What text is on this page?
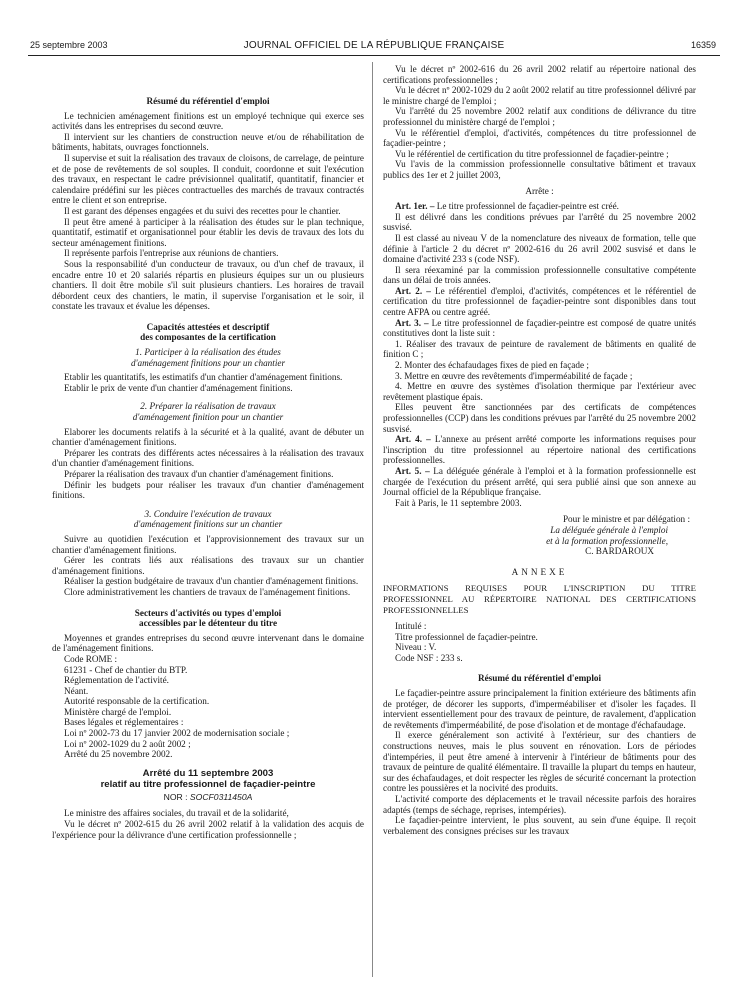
25 septembre 2003	JOURNAL OFFICIEL DE LA RÉPUBLIQUE FRANÇAISE	16359

Résumé du référentiel d'emploi

Le technicien aménagement finitions est un employé technique qui exerce ses activités dans les entreprises du second œuvre.

Il intervient sur les chantiers de construction neuve et/ou de réhabilitation de bâtiments, habitats, ouvrages fonctionnels.

Il supervise et suit la réalisation des travaux de cloisons, de carrelage, de peinture et de pose de revêtements de sol souples. Il conduit, coordonne et suit l'exécution des travaux, en respectant le cadre prévisionnel qualitatif, quantitatif, financier et calendaire prédéfini sur les pièces contractuelles des marchés de travaux contractés entre le client et son entreprise.

Il est garant des dépenses engagées et du suivi des recettes pour le chantier.

Il peut être amené à participer à la réalisation des études sur le plan technique, quantitatif, estimatif et organisationnel pour établir les devis de travaux des lots du secteur aménagement finitions.

Il représente parfois l'entreprise aux réunions de chantiers.

Sous la responsabilité d'un conducteur de travaux, ou d'un chef de travaux, il encadre entre 10 et 20 salariés répartis en plusieurs équipes sur un ou plusieurs chantiers. Il doit être mobile s'il suit plusieurs chantiers. Les horaires de travail débordent ceux des chantiers, le matin, il supervise l'organisation et le soir, il constate les travaux et évalue les dépenses.

Capacités attestées et descriptif

des composantes de la certification

1. Participer à la réalisation des études

d'aménagement finitions pour un chantier

Etablir les quantitatifs, les estimatifs d'un chantier d'aménagement finitions.

Etablir le prix de vente d'un chantier d'aménagement finitions.

2. Préparer la réalisation de travaux

d'aménagement finition pour un chantier

Elaborer les documents relatifs à la sécurité et à la qualité, avant de débuter un chantier d'aménagement finitions.

Préparer les contrats des différents actes nécessaires à la réalisation des travaux d'un chantier d'aménagement finitions.

Préparer la réalisation des travaux d'un chantier d'aménagement finitions.

Définir les budgets pour réaliser les travaux d'un chantier d'aménagement finitions.

3. Conduire l'exécution de travaux

d'aménagement finitions sur un chantier

Suivre au quotidien l'exécution et l'approvisionnement des travaux sur un chantier d'aménagement finitions.

Gérer les contrats liés aux réalisations des travaux sur un chantier d'aménagement finitions.

Réaliser la gestion budgétaire de travaux d'un chantier d'aménagement finitions.

Clore administrativement les chantiers de travaux de l'aménagement finitions.

Secteurs d'activités ou types d'emploi

accessibles par le détenteur du titre

Moyennes et grandes entreprises du second œuvre intervenant dans le domaine de l'aménagement finitions.

Code ROME :

61231 - Chef de chantier du BTP.

Réglementation de l'activité.

Néant.

Autorité responsable de la certification.

Ministère chargé de l'emploi.

Bases légales et réglementaires :

Loi nº 2002-73 du 17 janvier 2002 de modernisation sociale ;

Loi nº 2002-1029 du 2 août 2002 ;

Arrêté du 25 novembre 2002.

Arrêté du 11 septembre 2003

relatif au titre professionnel de façadier-peintre

NOR : SOCF0311450A

Le ministre des affaires sociales, du travail et de la solidarité,

Vu le décret nº 2002-615 du 26 avril 2002 relatif à la validation des acquis de l'expérience pour la délivrance d'une certification professionnelle ;

Vu le décret nº 2002-616 du 26 avril 2002 relatif au répertoire national des certifications professionnelles ;

Vu le décret nº 2002-1029 du 2 août 2002 relatif au titre professionnel délivré par le ministre chargé de l'emploi ;

Vu l'arrêté du 25 novembre 2002 relatif aux conditions de délivrance du titre professionnel du ministère chargé de l'emploi ;

Vu le référentiel d'emploi, d'activités, compétences du titre professionnel de façadier-peintre ;

Vu le référentiel de certification du titre professionnel de façadier-peintre ;

Vu l'avis de la commission professionnelle consultative bâtiment et travaux publics des 1er et 2 juillet 2003,

Arrête :

Art. 1er. – Le titre professionnel de façadier-peintre est créé.

Il est délivré dans les conditions prévues par l'arrêté du 25 novembre 2002 susvisé.

Il est classé au niveau V de la nomenclature des niveaux de formation, telle que définie à l'article 2 du décret nº 2002-616 du 26 avril 2002 susvisé et dans le domaine d'activité 233 s (code NSF).

Il sera réexaminé par la commission professionnelle consultative compétente dans un délai de trois années.

Art. 2. – Le référentiel d'emploi, d'activités, compétences et le référentiel de certification du titre professionnel de façadier-peintre sont disponibles dans tout centre AFPA ou centre agréé.

Art. 3. – Le titre professionnel de façadier-peintre est composé de quatre unités constitutives dont la liste suit :

1. Réaliser des travaux de peinture de ravalement de bâtiments en qualité de finition C ;

2. Monter des échafaudages fixes de pied en façade ;

3. Mettre en œuvre des revêtements d'imperméabilité de façade ;

4. Mettre en œuvre des systèmes d'isolation thermique par l'extérieur avec revêtement plastique épais.

Elles peuvent être sanctionnées par des certificats de compétences professionnelles (CCP) dans les conditions prévues par l'arrêté du 25 novembre 2002 susvisé.

Art. 4. – L'annexe au présent arrêté comporte les informations requises pour l'inscription du titre professionnel au répertoire national des certifications professionnelles.

Art. 5. – La déléguée générale à l'emploi et à la formation professionnelle est chargée de l'exécution du présent arrêté, qui sera publié ainsi que son annexe au Journal officiel de la République française.

Fait à Paris, le 11 septembre 2003.

Pour le ministre et par délégation :

La déléguée générale à l'emploi

et à la formation professionnelle,

C. BARDAROUX

ANNEXE

INFORMATIONS REQUISES POUR L'INSCRIPTION DU TITRE PROFESSIONNEL AU RÉPERTOIRE NATIONAL DES CERTIFICATIONS PROFESSIONNELLES

Intitulé :

Titre professionnel de façadier-peintre.

Niveau : V.

Code NSF : 233 s.

Résumé du référentiel d'emploi

Le façadier-peintre assure principalement la finition extérieure des bâtiments afin de protéger, de décorer les supports, d'imperméabiliser et d'isoler les façades. Il intervient essentiellement pour des travaux de peinture, de ravalement, d'application de revêtements d'imperméabilité, de pose d'isolation et de montage d'échafaudage.

Il exerce généralement son activité à l'extérieur, sur des chantiers de constructions neuves, mais le plus souvent en rénovation. Lors de périodes d'intempéries, il peut être amené à intervenir à l'intérieur de bâtiments pour des travaux de peinture de qualité élémentaire. Il travaille la plupart du temps en hauteur, sur des échafaudages, et doit respecter les règles de sécurité concernant la protection contre les poussières et la nocivité des produits.

L'activité comporte des déplacements et le travail nécessite parfois des horaires adaptés (temps de séchage, reprises, intempéries).

Le façadier-peintre intervient, le plus souvent, au sein d'une équipe. Il reçoit verbalement des consignes précises sur les travaux
